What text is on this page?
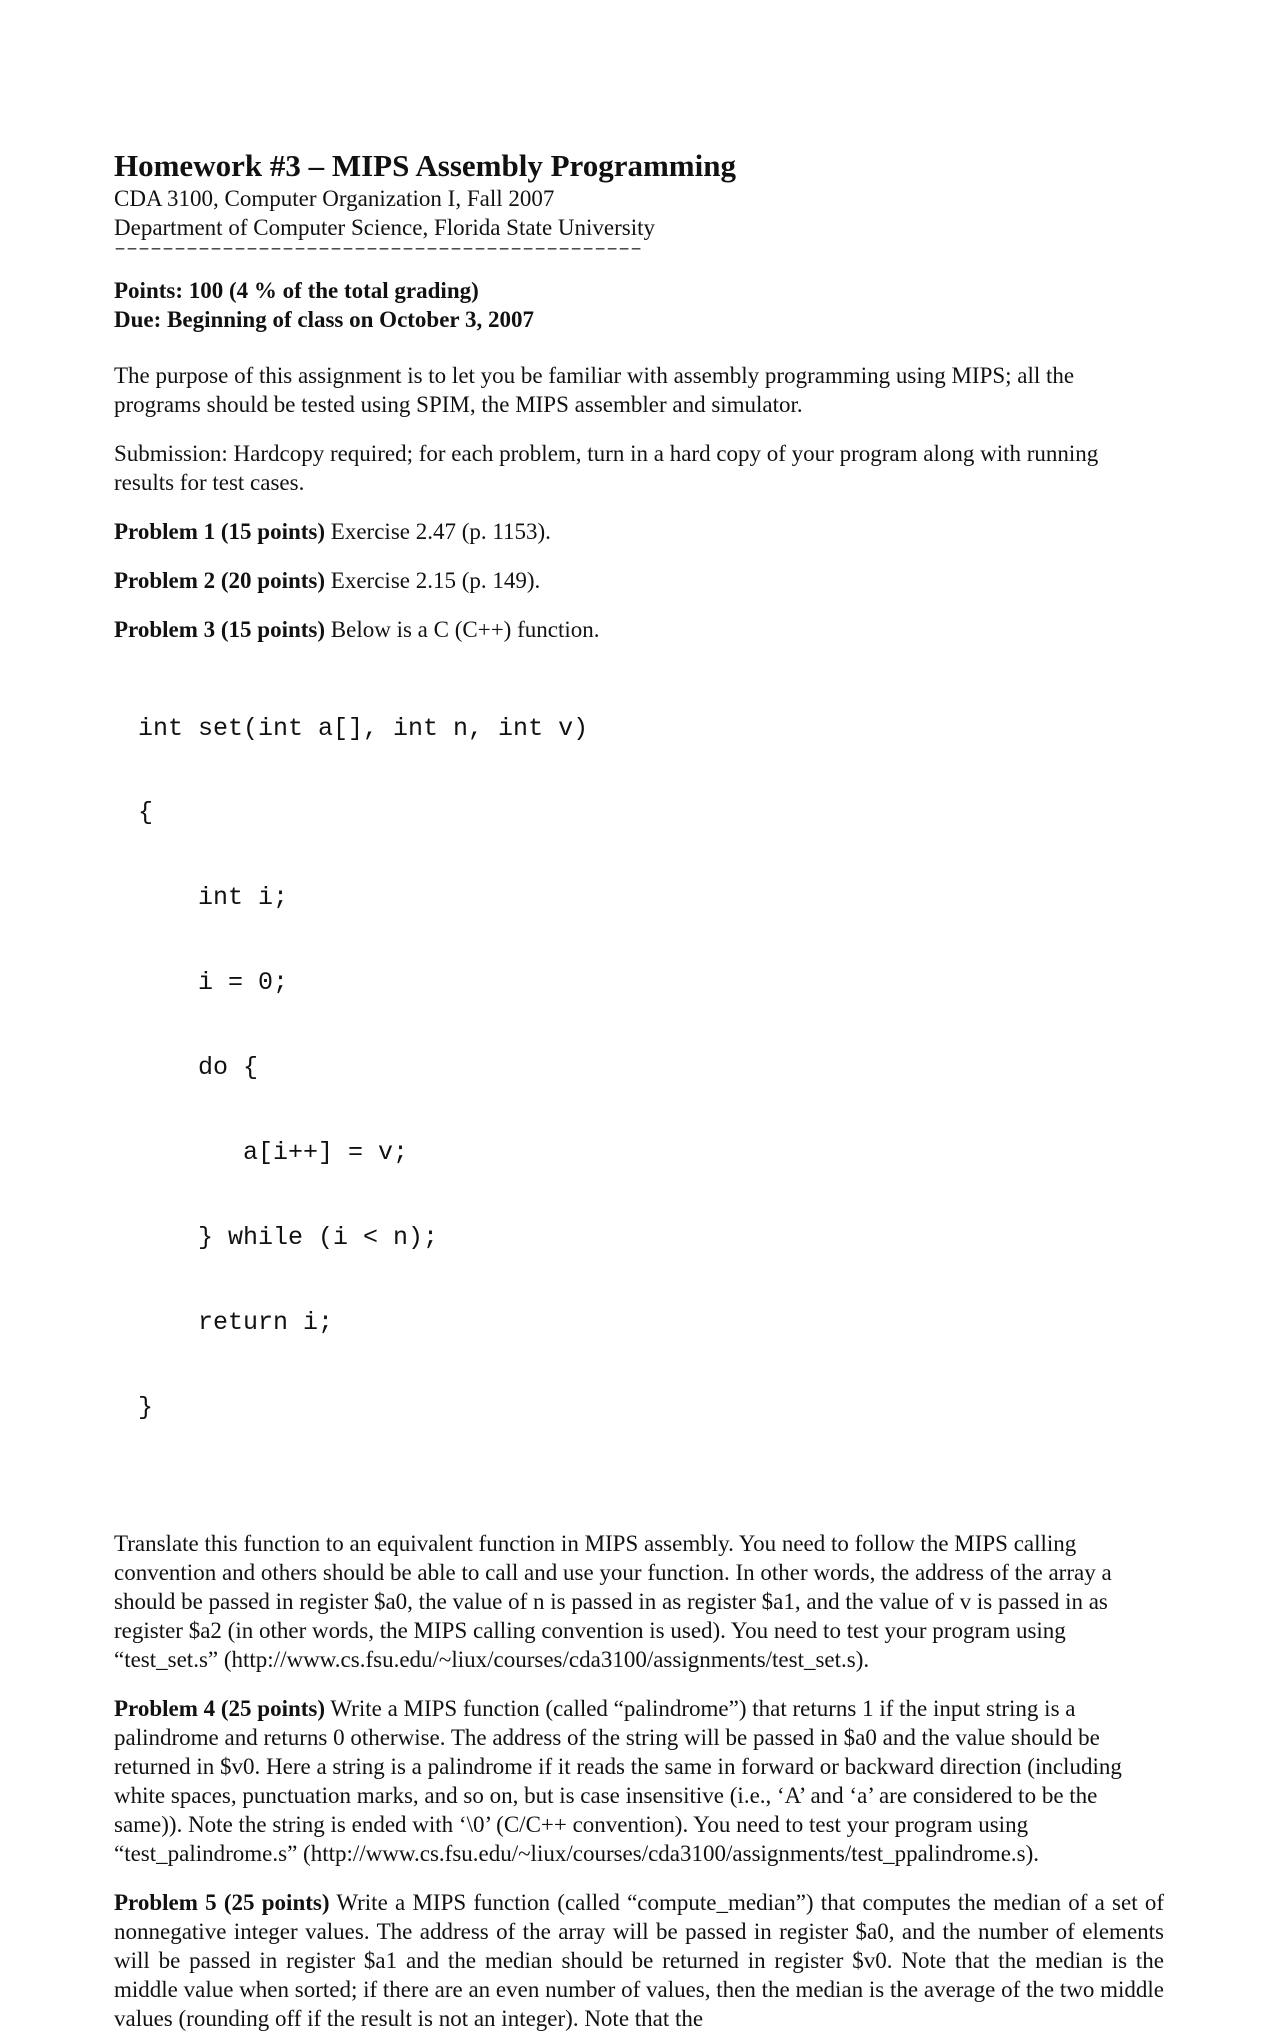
Homework #3 – MIPS Assembly Programming
CDA 3100, Computer Organization I, Fall 2007
Department of Computer Science, Florida State University
––––––––––––––––––––––––––––––––––––––––––––
Points: 100 (4 % of the total grading)
Due: Beginning of class on October 3, 2007

The purpose of this assignment is to let you be familiar with assembly programming using MIPS; all the programs should be tested using SPIM, the MIPS assembler and simulator.

Submission: Hardcopy required; for each problem, turn in a hard copy of your program along with running results for test cases.

Problem 1 (15 points) Exercise 2.47 (p. 1153).

Problem 2 (20 points) Exercise 2.15 (p. 149).

Problem 3 (15 points) Below is a C (C++) function.

int set(int a[], int n, int v)

{

int i;

i = 0;

do {

a[i++] = v;

} while (i < n);

return i;

}

Translate this function to an equivalent function in MIPS assembly. You need to follow the MIPS calling convention and others should be able to call and use your function. In other words, the address of the array a should be passed in register $a0, the value of n is passed in as register $a1, and the value of v is passed in as register $a2 (in other words, the MIPS calling convention is used). You need to test your program using “test_set.s” (http://www.cs.fsu.edu/~liux/courses/cda3100/assignments/test_set.s).

Problem 4 (25 points) Write a MIPS function (called “palindrome”) that returns 1 if the input string is a palindrome and returns 0 otherwise. The address of the string will be passed in $a0 and the value should be returned in $v0. Here a string is a palindrome if it reads the same in forward or backward direction (including white spaces, punctuation marks, and so on, but is case insensitive (i.e., ‘A’ and ‘a’ are considered to be the same)). Note the string is ended with ‘\0’ (C/C++ convention). You need to test your program using “test_palindrome.s” (http://www.cs.fsu.edu/~liux/courses/cda3100/assignments/test_ppalindrome.s).

Problem 5 (25 points) Write a MIPS function (called “compute_median”) that computes the median of a set of nonnegative integer values. The address of the array will be passed in register $a0, and the number of elements will be passed in register $a1 and the median should be returned in register $v0. Note that the median is the middle value when sorted; if there are an even number of values, then the median is the average of the two middle values (rounding off if the result is not an integer). Note that the
